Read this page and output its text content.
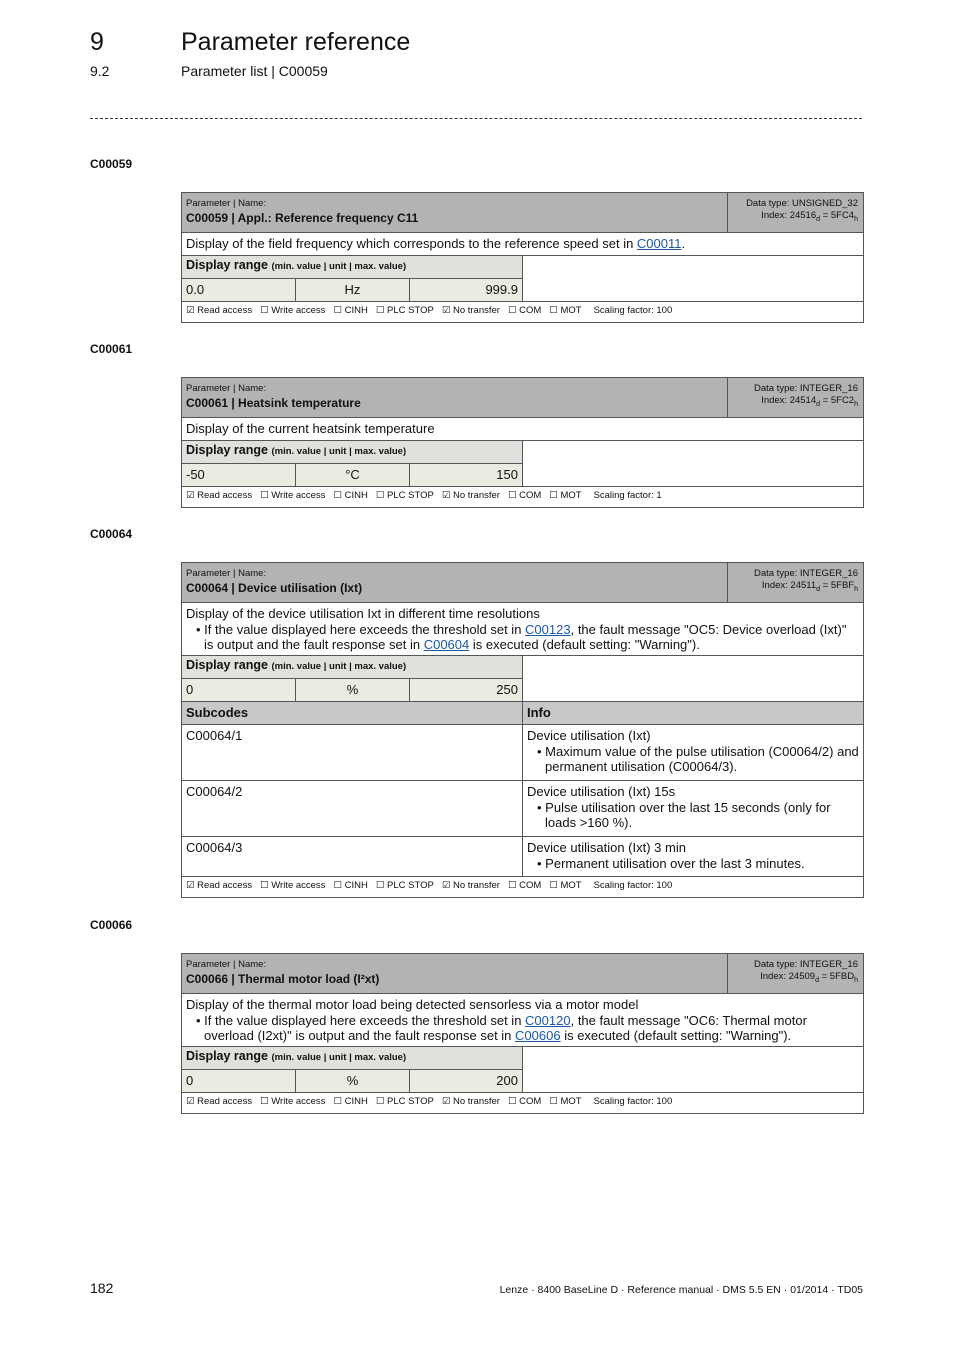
9	Parameter reference
9.2	Parameter list | C00059
C00059
Parameter | Name:
C00059 | Appl.: Reference frequency C11
Data type: UNSIGNED_32
Index: $24516_d = 5FC4_h$
Display of the field frequency which corresponds to the reference speed set in C00011.
Display range (min. value | unit | max. value)
0.0	Hz	999.9
☑ Read access ☐ Write access ☐ CINH ☐ PLC STOP ☑ No transfer ☐ COM ☐ MOT Scaling factor: 100
C00061
Parameter | Name:
C00061 | Heatsink temperature
Data type: INTEGER_16
Index: $24514_d = 5FC2_h$
Display of the current heatsink temperature
Display range (min. value | unit | max. value)
-50	°C	150
☑ Read access ☐ Write access ☐ CINH ☐ PLC STOP ☑ No transfer ☐ COM ☐ MOT Scaling factor: 1
C00064
Parameter | Name:
C00064 | Device utilisation (Ixt)
Data type: INTEGER_16
Index: $24511_d = 5FBF_h$
Display of the device utilisation Ixt in different time resolutions
• If the value displayed here exceeds the threshold set in C00123, the fault message "OC5: Device overload (Ixt)" is output and the fault response set in C00604 is executed (default setting: "Warning").
Display range (min. value | unit | max. value)
0	%	250
Subcodes	Info
C00064/1	Device utilisation (Ixt)
• Maximum value of the pulse utilisation (C00064/2) and permanent utilisation (C00064/3).
C00064/2	Device utilisation (Ixt) 15s
• Pulse utilisation over the last 15 seconds (only for loads >160 %).
C00064/3	Device utilisation (Ixt) 3 min
• Permanent utilisation over the last 3 minutes.
☑ Read access ☐ Write access ☐ CINH ☐ PLC STOP ☑ No transfer ☐ COM ☐ MOT Scaling factor: 100
C00066
Parameter | Name:
C00066 | Thermal motor load (I²xt)
Data type: INTEGER_16
Index: $24509_d = 5FBD_h$
Display of the thermal motor load being detected sensorless via a motor model
• If the value displayed here exceeds the threshold set in C00120, the fault message "OC6: Thermal motor overload (I2xt)" is output and the fault response set in C00606 is executed (default setting: "Warning").
Display range (min. value | unit | max. value)
0	%	200
☑ Read access ☐ Write access ☐ CINH ☐ PLC STOP ☑ No transfer ☐ COM ☐ MOT Scaling factor: 100
182	Lenze · 8400 BaseLine D · Reference manual · DMS 5.5 EN · 01/2014 · TD05
